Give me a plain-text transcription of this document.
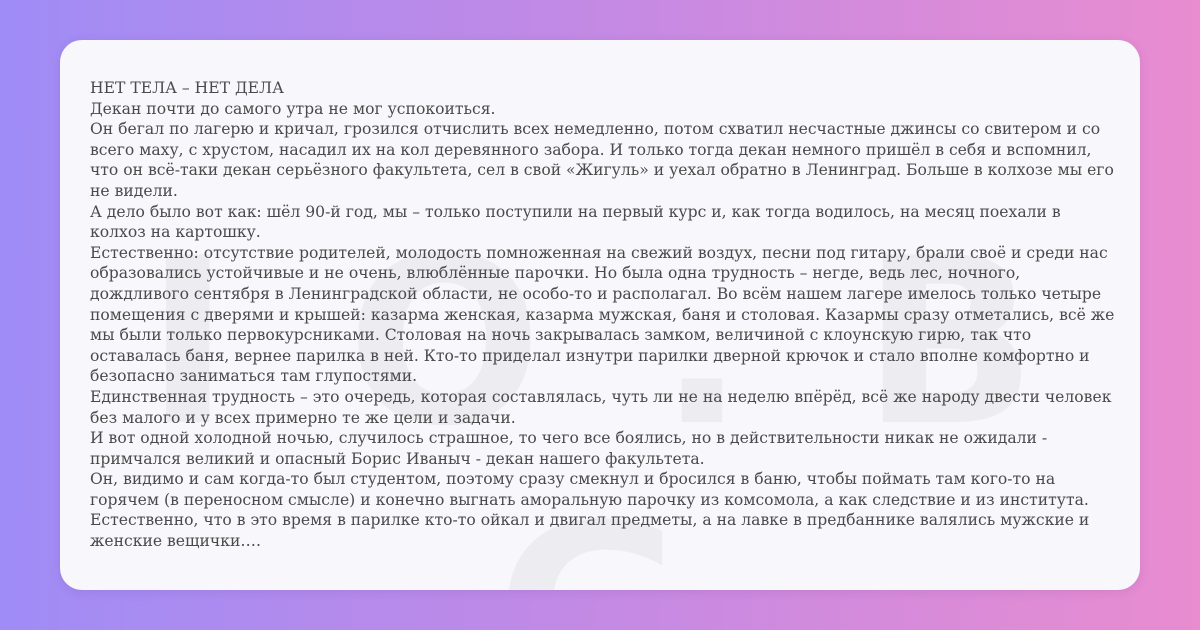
НЕТ ТЕЛА – НЕТ ДЕЛА

Декан почти до самого утра не мог успокоиться.

Он бегал по лагерю и кричал, грозился отчислить всех немедленно, потом схватил несчастные джинсы со свитером и со всего маху, с хрустом, насадил их на кол деревянного забора. И только тогда декан немного пришёл в себя и вспомнил, что он всё-таки декан серьёзного факультета, сел в свой «Жигуль» и уехал обратно в Ленинград. Больше в колхозе мы его не видели.

А дело было вот как: шёл 90-й год, мы – только поступили на первый курс и, как тогда водилось, на месяц поехали в колхоз на картошку.

Естественно: отсутствие родителей, молодость помноженная на свежий воздух, песни под гитару, брали своё и среди нас образовались устойчивые и не очень, влюблённые парочки. Но была одна трудность – негде, ведь лес, ночного, дождливого сентября в Ленинградской области, не особо-то и располагал. Во всём нашем лагере имелось только четыре помещения с дверями и крышей: казарма женская, казарма мужская, баня и столовая. Казармы сразу отметались, всё же мы были только первокурсниками. Столовая на ночь закрывалась замком, величиной с клоунскую гирю, так что оставалась баня, вернее парилка в ней. Кто-то приделал изнутри парилки дверной крючок и стало вполне комфортно и безопасно заниматься там глупостями.

Единственная трудность – это очередь, которая составлялась, чуть ли не на неделю впёрёд, всё же народу двести человек без малого и у всех примерно те же цели и задачи.

И вот одной холодной ночью, случилось страшное, то чего все боялись, но в действительности никак не ожидали - примчался великий и опасный Борис Иваныч - декан нашего факультета.

Он, видимо и сам когда-то был студентом, поэтому сразу смекнул и бросился в баню, чтобы поймать там кого-то на горячем (в переносном смысле) и конечно выгнать аморальную парочку из комсомола, а как следствие и из института.

Естественно, что в это время в парилке кто-то ойкал и двигал предметы, а на лавке в предбаннике валялись мужские и женские вещички….
